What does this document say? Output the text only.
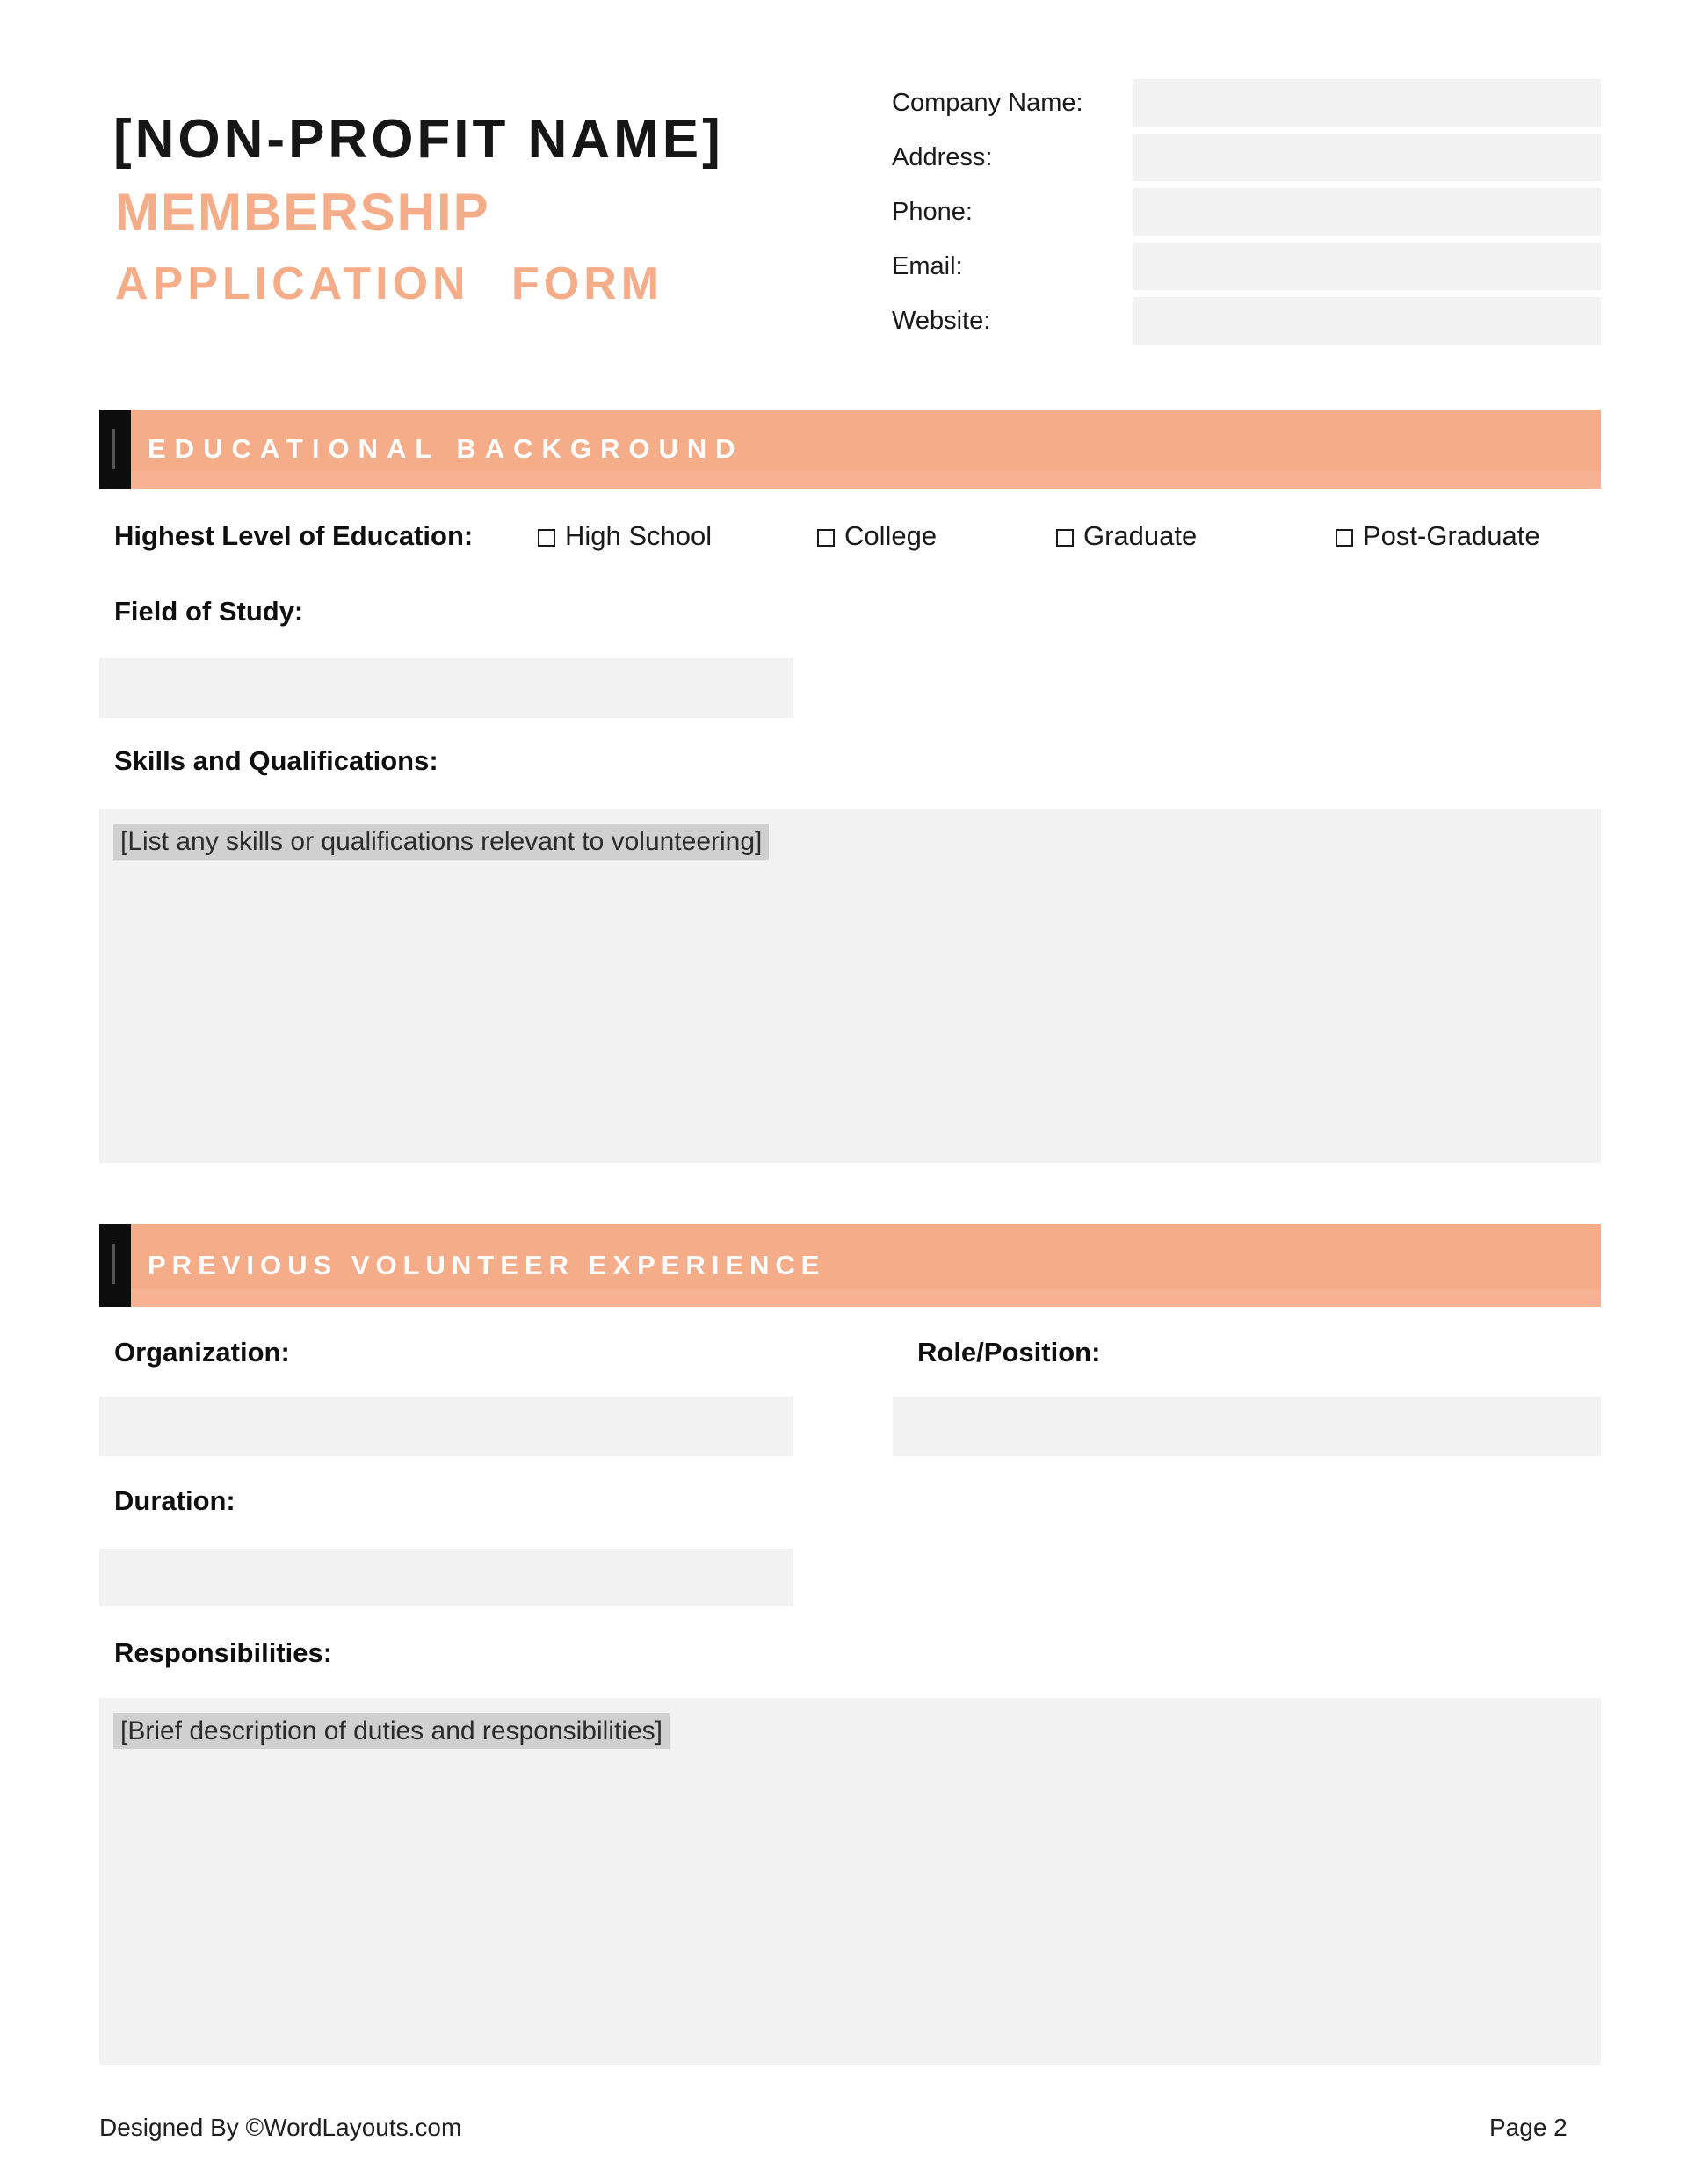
[NON-PROFIT NAME]
MEMBERSHIP
APPLICATION FORM
Company Name:
Address:
Phone:
Email:
Website:
EDUCATIONAL BACKGROUND
Highest Level of Education:	High School	College	Graduate	Post-Graduate
Field of Study:
Skills and Qualifications:
[List any skills or qualifications relevant to volunteering]
PREVIOUS VOLUNTEER EXPERIENCE
Organization:	Role/Position:
Duration:
Responsibilities:
[Brief description of duties and responsibilities]
Designed By ©WordLayouts.com	Page 2
